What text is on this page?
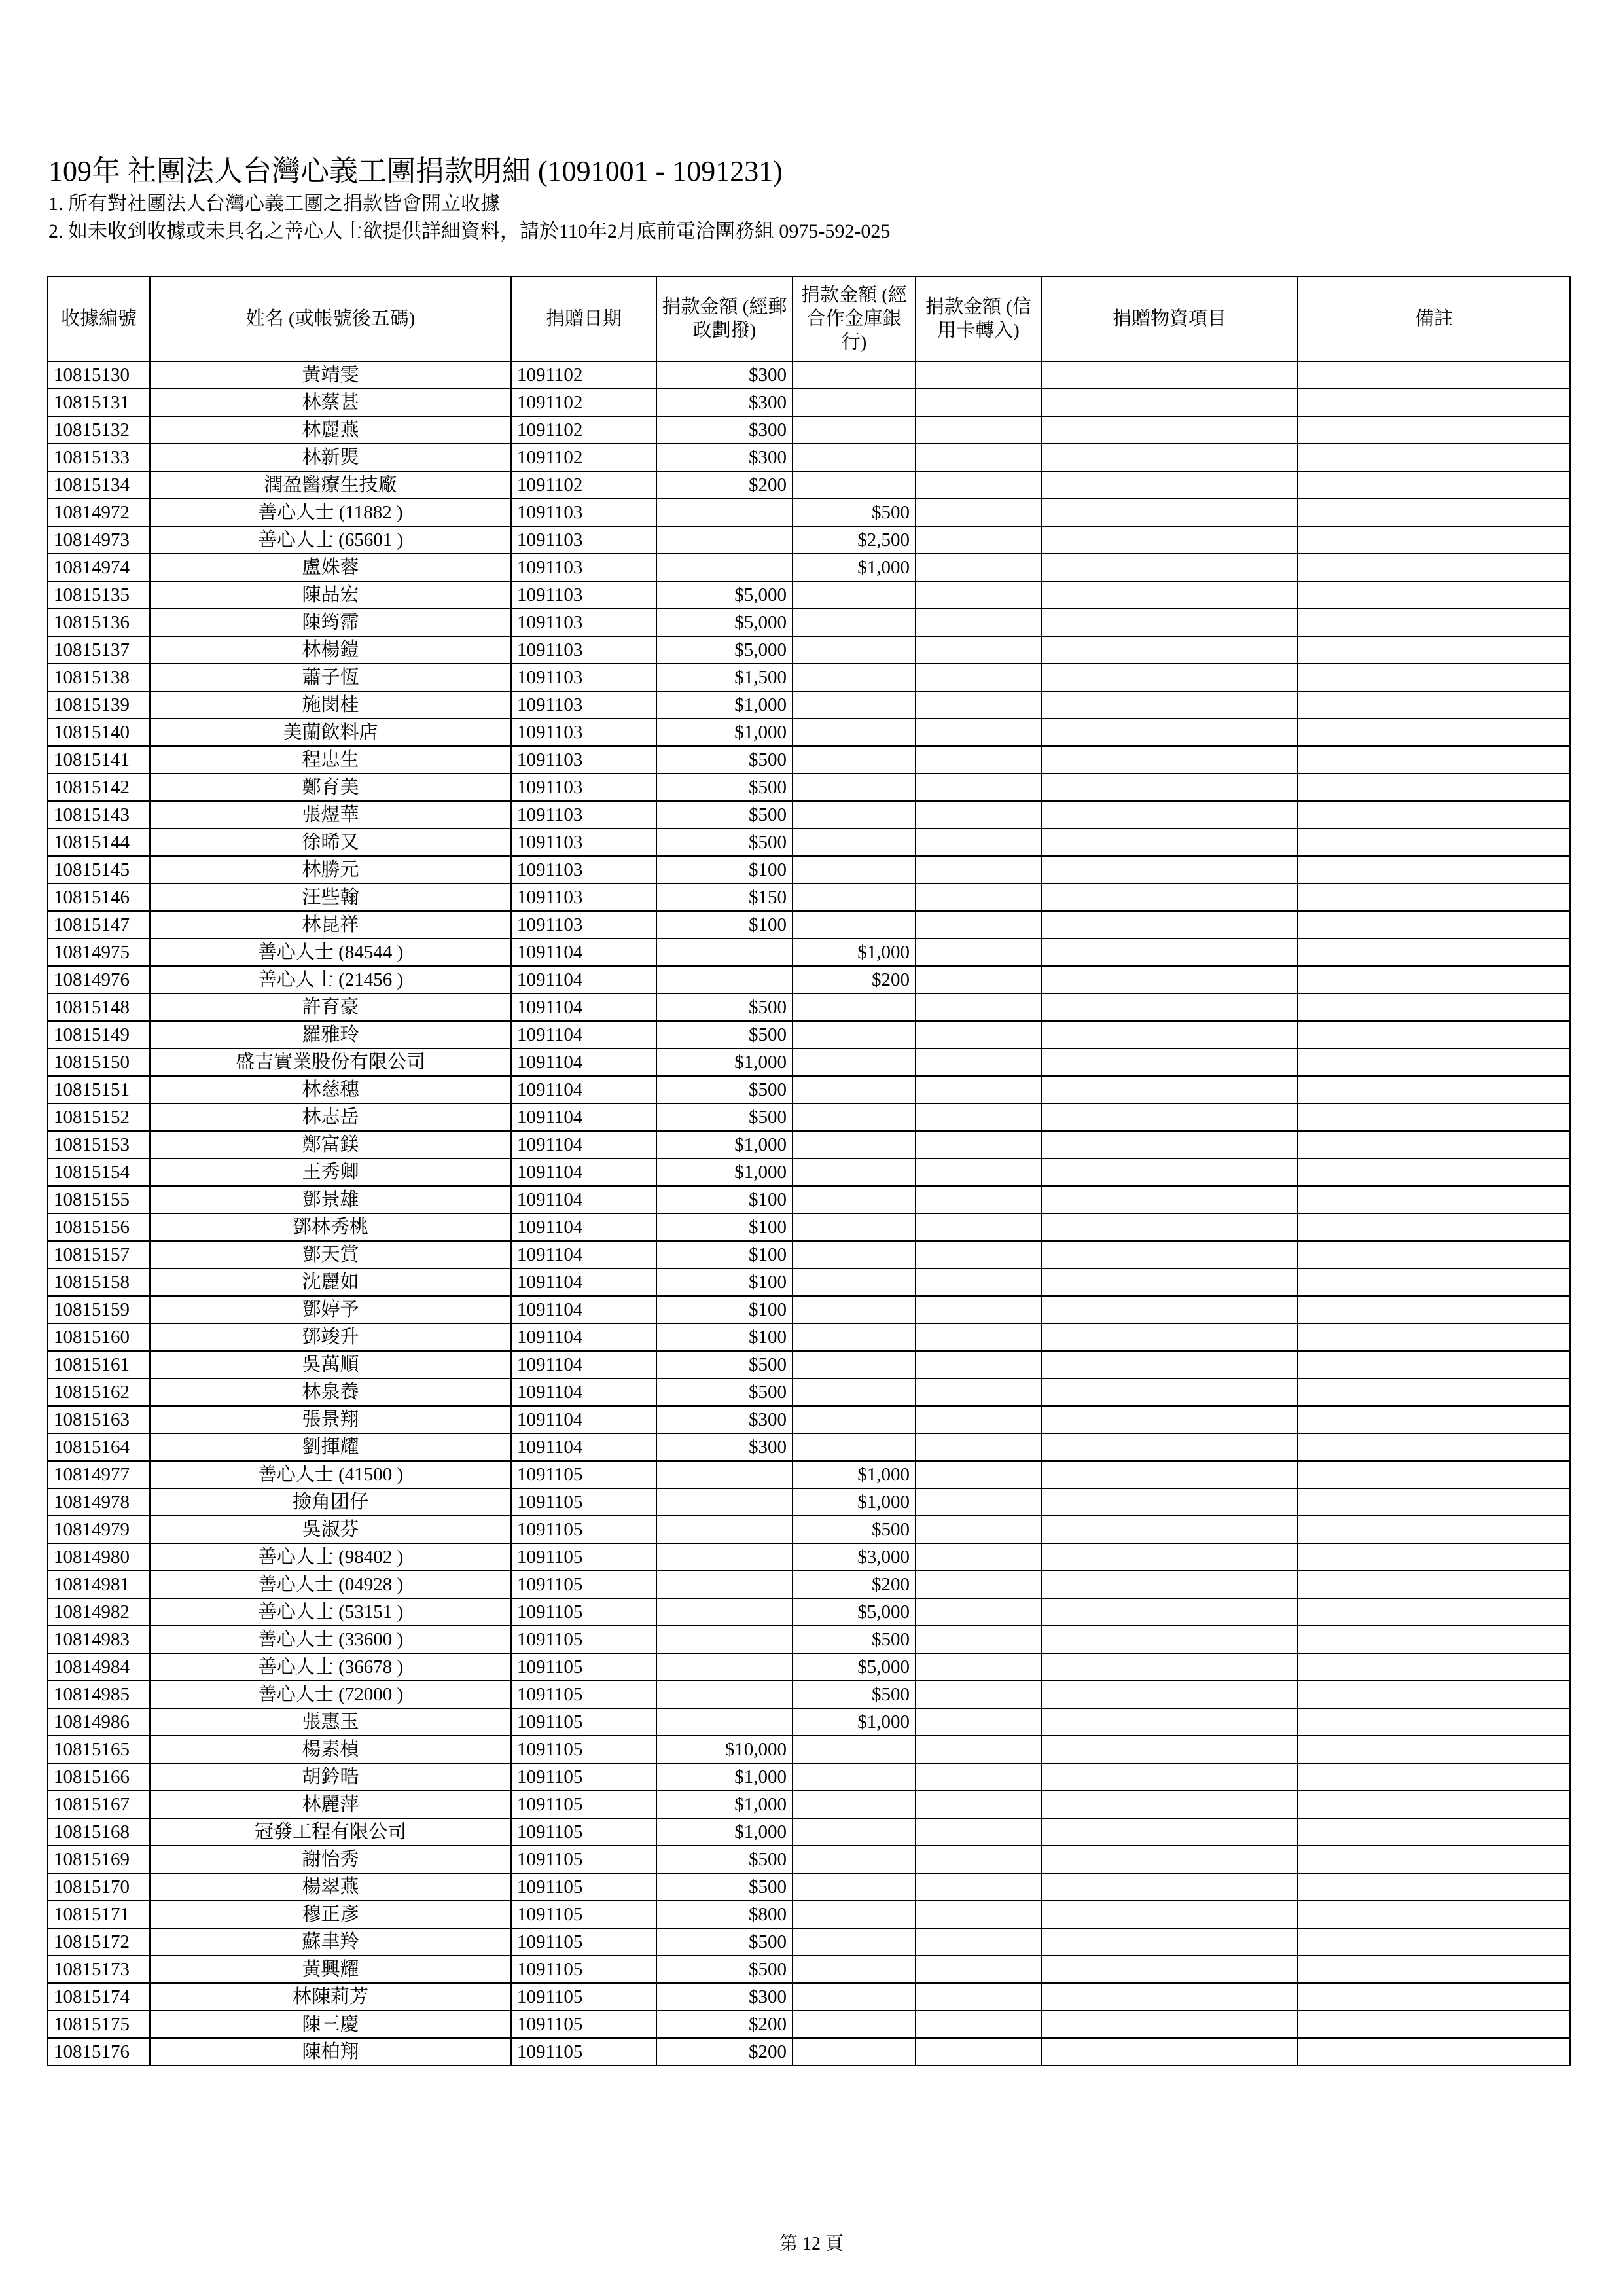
109年 社團法人台灣心義工團捐款明細 (1091001 - 1091231)
1. 所有對社團法人台灣心義工團之捐款皆會開立收據
2. 如未收到收據或未具名之善心人士欲提供詳細資料，請於110年2月底前電洽團務組 0975-592-025
收據編號	姓名 (或帳號後五碼)	捐贈日期	捐款金額 (經郵政劃撥)	捐款金額 (經合作金庫銀行)	捐款金額 (信用卡轉入)	捐贈物資項目	備註
10815130	黃靖雯	1091102	$300				
10815131	林蔡甚	1091102	$300				
10815132	林麗燕	1091102	$300				
10815133	林新煚	1091102	$300				
10815134	潤盈醫療生技廠	1091102	$200				
10814972	善心人士 (11882 )	1091103		$500			
10814973	善心人士 (65601 )	1091103		$2,500			
10814974	盧姝蓉	1091103		$1,000			
10815135	陳品宏	1091103	$5,000				
10815136	陳筠霈	1091103	$5,000				
10815137	林楊鎧	1091103	$5,000				
10815138	蕭子恆	1091103	$1,500				
10815139	施閔桂	1091103	$1,000				
10815140	美蘭飲料店	1091103	$1,000				
10815141	程忠生	1091103	$500				
10815142	鄭育美	1091103	$500				
10815143	張煜華	1091103	$500				
10815144	徐晞又	1091103	$500				
10815145	林勝元	1091103	$100				
10815146	汪些翰	1091103	$150				
10815147	林昆祥	1091103	$100				
10814975	善心人士 (84544 )	1091104		$1,000			
10814976	善心人士 (21456 )	1091104		$200			
10815148	許育豪	1091104	$500				
10815149	羅雅玲	1091104	$500				
10815150	盛吉實業股份有限公司	1091104	$1,000				
10815151	林慈穗	1091104	$500				
10815152	林志岳	1091104	$500				
10815153	鄭富鎂	1091104	$1,000				
10815154	王秀卿	1091104	$1,000				
10815155	鄧景雄	1091104	$100				
10815156	鄧林秀桃	1091104	$100				
10815157	鄧天賞	1091104	$100				
10815158	沈麗如	1091104	$100				
10815159	鄧婷予	1091104	$100				
10815160	鄧竣升	1091104	$100				
10815161	吳萬順	1091104	$500				
10815162	林泉養	1091104	$500				
10815163	張景翔	1091104	$300				
10815164	劉揮耀	1091104	$300				
10814977	善心人士 (41500 )	1091105		$1,000			
10814978	撿角团仔	1091105		$1,000			
10814979	吳淑芬	1091105		$500			
10814980	善心人士 (98402 )	1091105		$3,000			
10814981	善心人士 (04928 )	1091105		$200			
10814982	善心人士 (53151 )	1091105		$5,000			
10814983	善心人士 (33600 )	1091105		$500			
10814984	善心人士 (36678 )	1091105		$5,000			
10814985	善心人士 (72000 )	1091105		$500			
10814986	張惠玉	1091105		$1,000			
10815165	楊素楨	1091105	$10,000				
10815166	胡鈐晧	1091105	$1,000				
10815167	林麗萍	1091105	$1,000				
10815168	冠發工程有限公司	1091105	$1,000				
10815169	謝怡秀	1091105	$500				
10815170	楊翠燕	1091105	$500				
10815171	穆正彥	1091105	$800				
10815172	蘇聿羚	1091105	$500				
10815173	黃興耀	1091105	$500				
10815174	林陳莉芳	1091105	$300				
10815175	陳三慶	1091105	$200				
10815176	陳柏翔	1091105	$200				
第 12 頁
